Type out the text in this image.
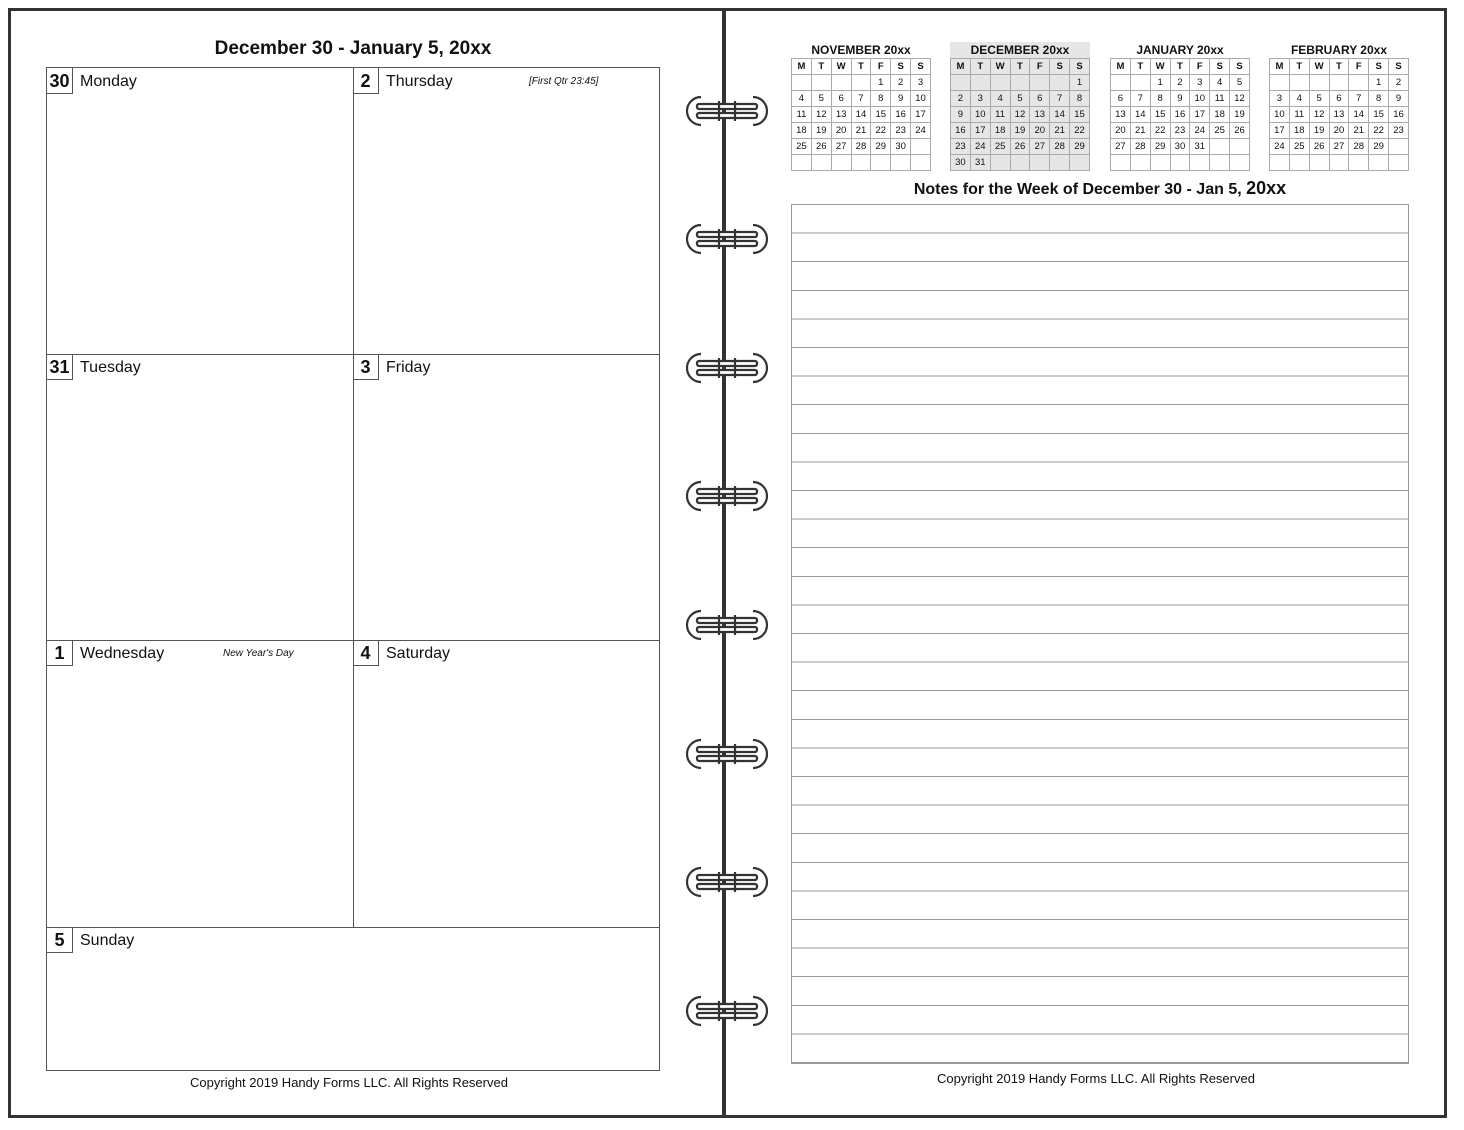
December 30 - January 5, 20xx
30 Monday	2 Thursday	[First Qtr 23:45]
31 Tuesday	3 Friday
1 Wednesday	New Year's Day	4 Saturday
5 Sunday
Copyright 2019 Handy Forms LLC. All Rights Reserved
NOVEMBER 20xx
M	T	W	T	F	S	S
				1	2	3
4	5	6	7	8	9	10
11	12	13	14	15	16	17
18	19	20	21	22	23	24
25	26	27	28	29	30	

DECEMBER 20xx
M	T	W	T	F	S	S
						1
2	3	4	5	6	7	8
9	10	11	12	13	14	15
16	17	18	19	20	21	22
23	24	25	26	27	28	29
30	31					
JANUARY 20xx
M	T	W	T	F	S	S
		1	2	3	4	5
6	7	8	9	10	11	12
13	14	15	16	17	18	19
20	21	22	23	24	25	26
27	28	29	30	31		

FEBRUARY 20xx
M	T	W	T	F	S	S
					1	2
3	4	5	6	7	8	9
10	11	12	13	14	15	16
17	18	19	20	21	22	23
24	25	26	27	28	29	

Notes for the Week of December 30 - Jan 5, 20xx
Copyright 2019 Handy Forms LLC. All Rights Reserved
